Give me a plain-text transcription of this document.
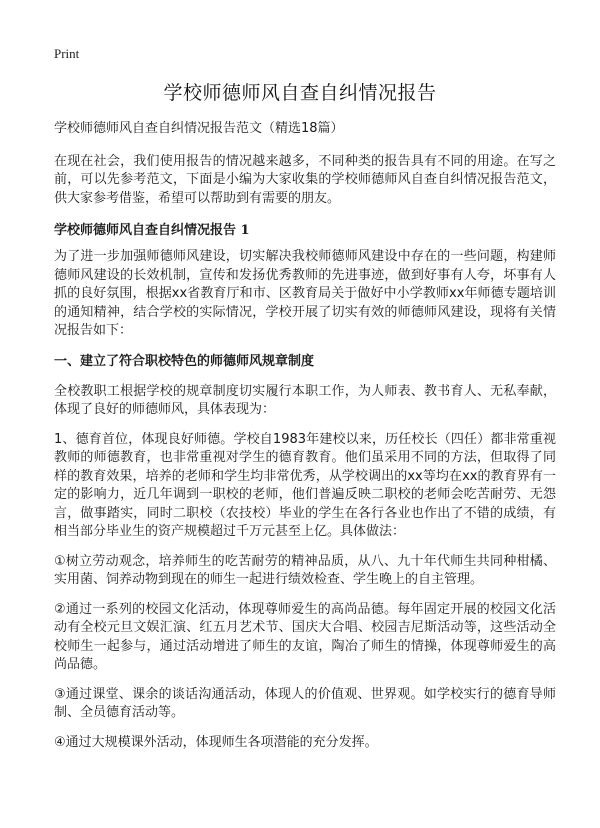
Print
学校师德师风自查自纠情况报告

学校师德师风自查自纠情况报告范文（精选18篇）

在现在社会，我们使用报告的情况越来越多，不同种类的报告具有不同的用途。在写之前，可以先参考范文，下面是小编为大家收集的学校师德师风自查自纠情况报告范文，供大家参考借鉴，希望可以帮助到有需要的朋友。

学校师德师风自查自纠情况报告 1

为了进一步加强师德师风建设，切实解决我校师德师风建设中存在的一些问题，构建师德师风建设的长效机制，宣传和发扬优秀教师的先进事迹，做到好事有人夸，坏事有人抓的良好氛围，根据xx省教育厅和市、区教育局关于做好中小学教师xx年师德专题培训的通知精神，结合学校的实际情况，学校开展了切实有效的师德师风建设，现将有关情况报告如下：

一、建立了符合职校特色的师德师风规章制度

全校教职工根据学校的规章制度切实履行本职工作，为人师表、教书育人、无私奉献，体现了良好的师德师风，具体表现为：

1、德育首位，体现良好师德。学校自1983年建校以来，历任校长（四任）都非常重视教师的师德教育，也非常重视对学生的德育教育。他们虽采用不同的方法，但取得了同样的教育效果，培养的老师和学生均非常优秀，从学校调出的xx等均在xx的教育界有一定的影响力，近几年调到一职校的老师，他们普遍反映二职校的老师会吃苦耐劳、无怨言，做事踏实，同时二职校（农技校）毕业的学生在各行各业也作出了不错的成绩，有相当部分毕业生的资产规模超过千万元甚至上亿。具体做法：

①树立劳动观念，培养师生的吃苦耐劳的精神品质，从八、九十年代师生共同种柑橘、实用菌、饲养动物到现在的师生一起进行绩效检查、学生晚上的自主管理。

②通过一系列的校园文化活动，体现尊师爱生的高尚品德。每年固定开展的校园文化活动有全校元旦文娱汇演、红五月艺术节、国庆大合唱、校园吉尼斯活动等，这些活动全校师生一起参与，通过活动增进了师生的友谊，陶冶了师生的情操，体现尊师爱生的高尚品德。

③通过课堂、课余的谈话沟通活动，体现人的价值观、世界观。如学校实行的德育导师制、全员德育活动等。

④通过大规模课外活动，体现师生各项潜能的充分发挥。
